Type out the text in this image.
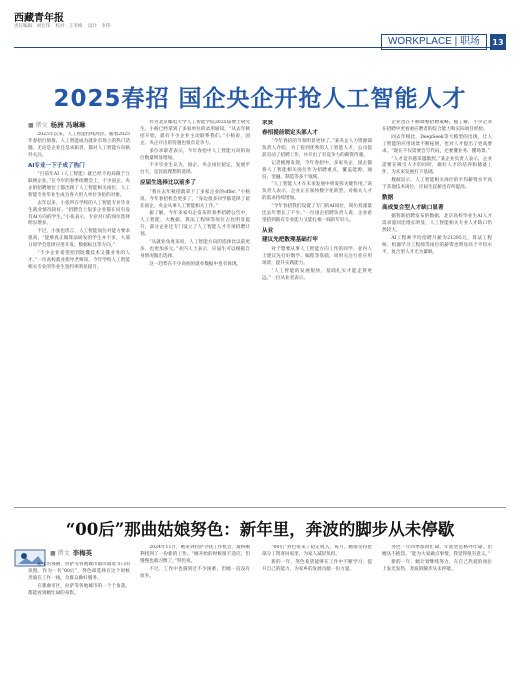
西藏青年报
责任编辑：刘宏伟 校对：王冬梅 设计：李伟
WORKPLACE | 职场	13
2025春招 国企央企开抢人工智能人才
■ 撰文 杨洲 冯琳琳

2025年以来，人工智能持续高热。随着2025年春招行情推，人工智能成为就业市场上的热门话题。无论是企业还是求职者，都对人工智能方向格外关注。

AI专业一下子成了热门

“目前年AI（人工智能）就已经不再局限于互联网企业。”在今年的春季招聘会上，不少国企、央企的招聘展位上都出现了人工智能相关岗位，人工智能专业毕业生成为各大用人单位争抢的对象。

去年以来，小张所在学校的人工智能专业毕业生就业情况较好。“招聘会上很多企业都在问有没有AI方向的学生。”小张表示，专业对口的岗位选择明显增多。

不过，小张也坦言，人工智能岗位对能力要求很高，“能够真正做算法研发的学生并不多，大部分同学会选择应用开发、数据标注等方向。”

“不少企业希望招到既懂技术又懂业务的人才。”一位高校就业指导老师说，今年学校人工智能相关专业的毕业生签约率明显提升。

作为北京邮电大学人工智能学院2025届博士研究生，小杨已经拿到了多家单位的录用通知。“从去年秋招开始，就有不少企业主动联系我们。”小杨说，国企、央企开出的待遇也很有竞争力。

多位求职者表示，今年春招中人工智能方向的岗位数量明显增加。

不少毕业生认为，国企、央企岗位稳定，发展平台大，是比较理想的选择。

应届生选择比以前多了

“我在去年秋招就拿下了多家企业的offer。”小杨说，今年春招机会更多了，“身边很多同学都选择了留在国企、央企从事人工智能相关工作。”

据了解，今年多家央企发布的春季招聘公告中，人工智能、大数据、算法工程师等岗位占比明显提升，部分企业还专门设立了人工智能人才专项招聘计划。

“从就业角度来说，人工智能方向的选择比以前更多，也更加多元。”业内人士表示，应届生可以根据自身情况做出选择。

这一趋势在不少高校的就业数据中也有体现。

求贤
春招提前锁定头部人才

“今年春招的节奏明显更快了。”某央企人力资源部负责人介绍，为了抢到优秀的人工智能人才，公司提前启动了招聘工作，并开出了有竞争力的薪资待遇。

记者梳理发现，今年春招中，多家央企、国企都将人工智能相关岗位作为招聘重点，覆盖能源、通信、金融、制造等多个领域。

“人工智能人才在未来发展中将发挥关键作用。”该负责人表示，企业正在加快数字化转型，对相关人才的需求持续增加。

“今年春招我们设置了专门的AI岗位，简历投递量比去年增长了不少。”一位国企招聘负责人说，企业希望招到既有专业能力又能扎根一线的年轻人。

从业
建议先把数理基础打牢

对于想要从事人工智能方向工作的同学，业内人士建议先打好数学、编程等基础，同时关注行业应用场景，提升实践能力。

“人工智能的发展很快，基础扎实才能走得更远。”一位从业者表示。

企业也在不断调整招聘策略。据了解，不少企业在招聘中更看重应聘者的综合能力和实际项目经验。

同去年相比，DeepSeek等大模型的出现，让人工智能的应用场景不断拓展，也对人才提出了更高要求。“现在不仅需要会写代码，还要懂业务、懂场景。”

“人才竞争越来越激烈。”某企业负责人表示，企业需要在吸引人才的同时，做好人才的培养和储备工作，为未来发展打下基础。

数据显示，人工智能相关岗位的平均薪资水平高于其他技术岗位，应届生起薪也有所提高。

数据
高成复合型人才缺口显著

据智联招聘发布的数据，北京高校毕业生AI人才需求量同比增长明显，人工智能相关专业人才缺口仍然较大。

AI工程师平均招聘月薪为21395元，算法工程师、机器学习工程师等岗位的薪资也明显高于平均水平，复合型人才尤为紧缺。

“00后”那曲姑娘努色：新年里，奔波的脚步从未停歇
■ 撰文 李梅英

新年的那曲，拉萨等各地城市都洋溢着节日的氛围。作为一名“00后”，努色却选择在这个时候奔波在工作一线，为群众做好服务。

在那曲市区，拉萨等各地城市的一个个角落，都能看到她忙碌的身影。

2024年11月，她来到拉萨寻找工作机会，最终顺利找到了一份新的工作。“刚开始的时候很不适应，但慢慢也就习惯了。”努色说。

不过，工作中也遇到过不少困难，但她一直没有放弃。

“00后”努色带来了稳定收入，每月，她都坚持把部分工资寄回家里，为家人减轻负担。

新的一年，努色希望能够在工作中不断学习，提升自己的能力，为家乡的发展贡献一份力量。

努色一年四季都很忙碌，年底更是格外忙碌，但她从不抱怨。“能为大家做点事情，我觉得很有意义。”

新的一年，她计划继续努力，在自己热爱的岗位上发光发热，奔波的脚步从未停歇。
